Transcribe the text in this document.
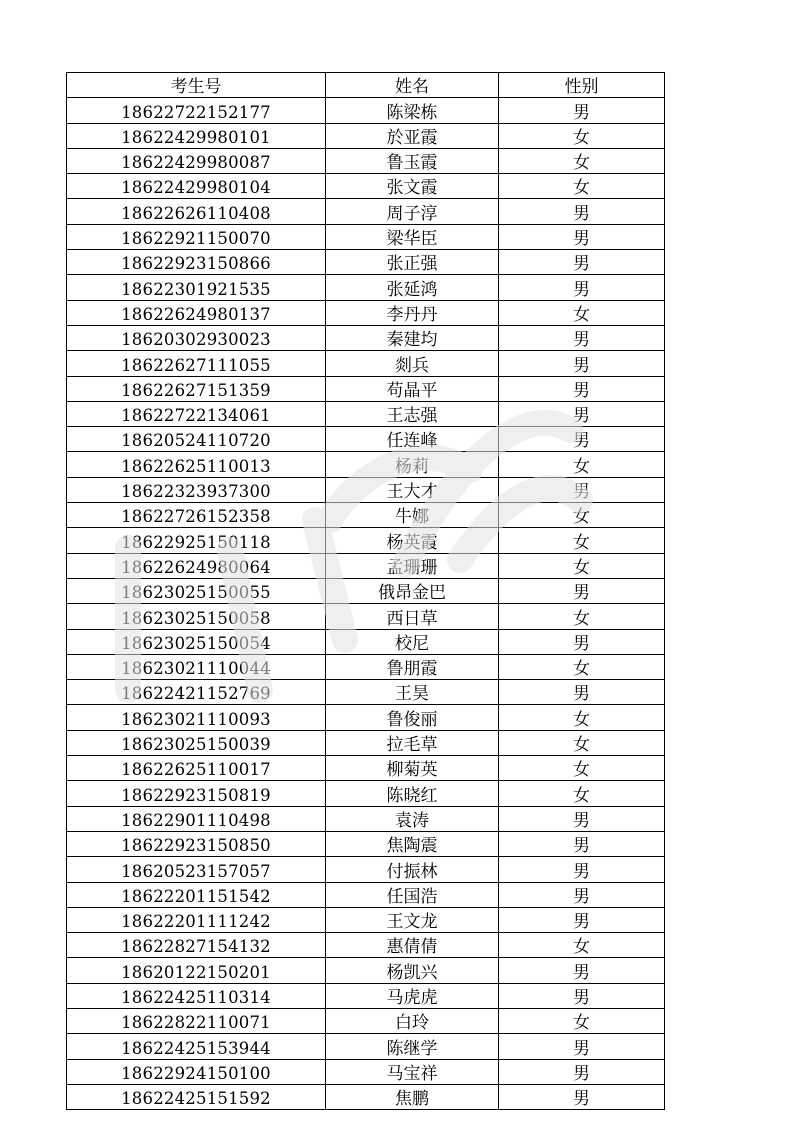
考生号	姓名	性别
18622722152177	陈梁栋	男
18622429980101	於亚霞	女
18622429980087	鲁玉霞	女
18622429980104	张文霞	女
18622626110408	周子淳	男
18622921150070	梁华臣	男
18622923150866	张正强	男
18622301921535	张延鸿	男
18622624980137	李丹丹	女
18620302930023	秦建均	男
18622627111055	剡兵	男
18622627151359	苟晶平	男
18622722134061	王志强	男
18620524110720	任连峰	男
18622625110013	杨莉	女
18622323937300	王大才	男
18622726152358	牛娜	女
18622925150118	杨英霞	女
18622624980064	孟珊珊	女
18623025150055	俄昂金巴	男
18623025150058	西日草	女
18623025150054	校尼	男
18623021110044	鲁朋霞	女
18622421152769	王昊	男
18623021110093	鲁俊丽	女
18623025150039	拉毛草	女
18622625110017	柳菊英	女
18622923150819	陈晓红	女
18622901110498	袁涛	男
18622923150850	焦陶震	男
18620523157057	付振林	男
18622201151542	任国浩	男
18622201111242	王文龙	男
18622827154132	惠倩倩	女
18620122150201	杨凯兴	男
18622425110314	马虎虎	男
18622822110071	白玲	女
18622425153944	陈继学	男
18622924150100	马宝祥	男
18622425151592	焦鹏	男
